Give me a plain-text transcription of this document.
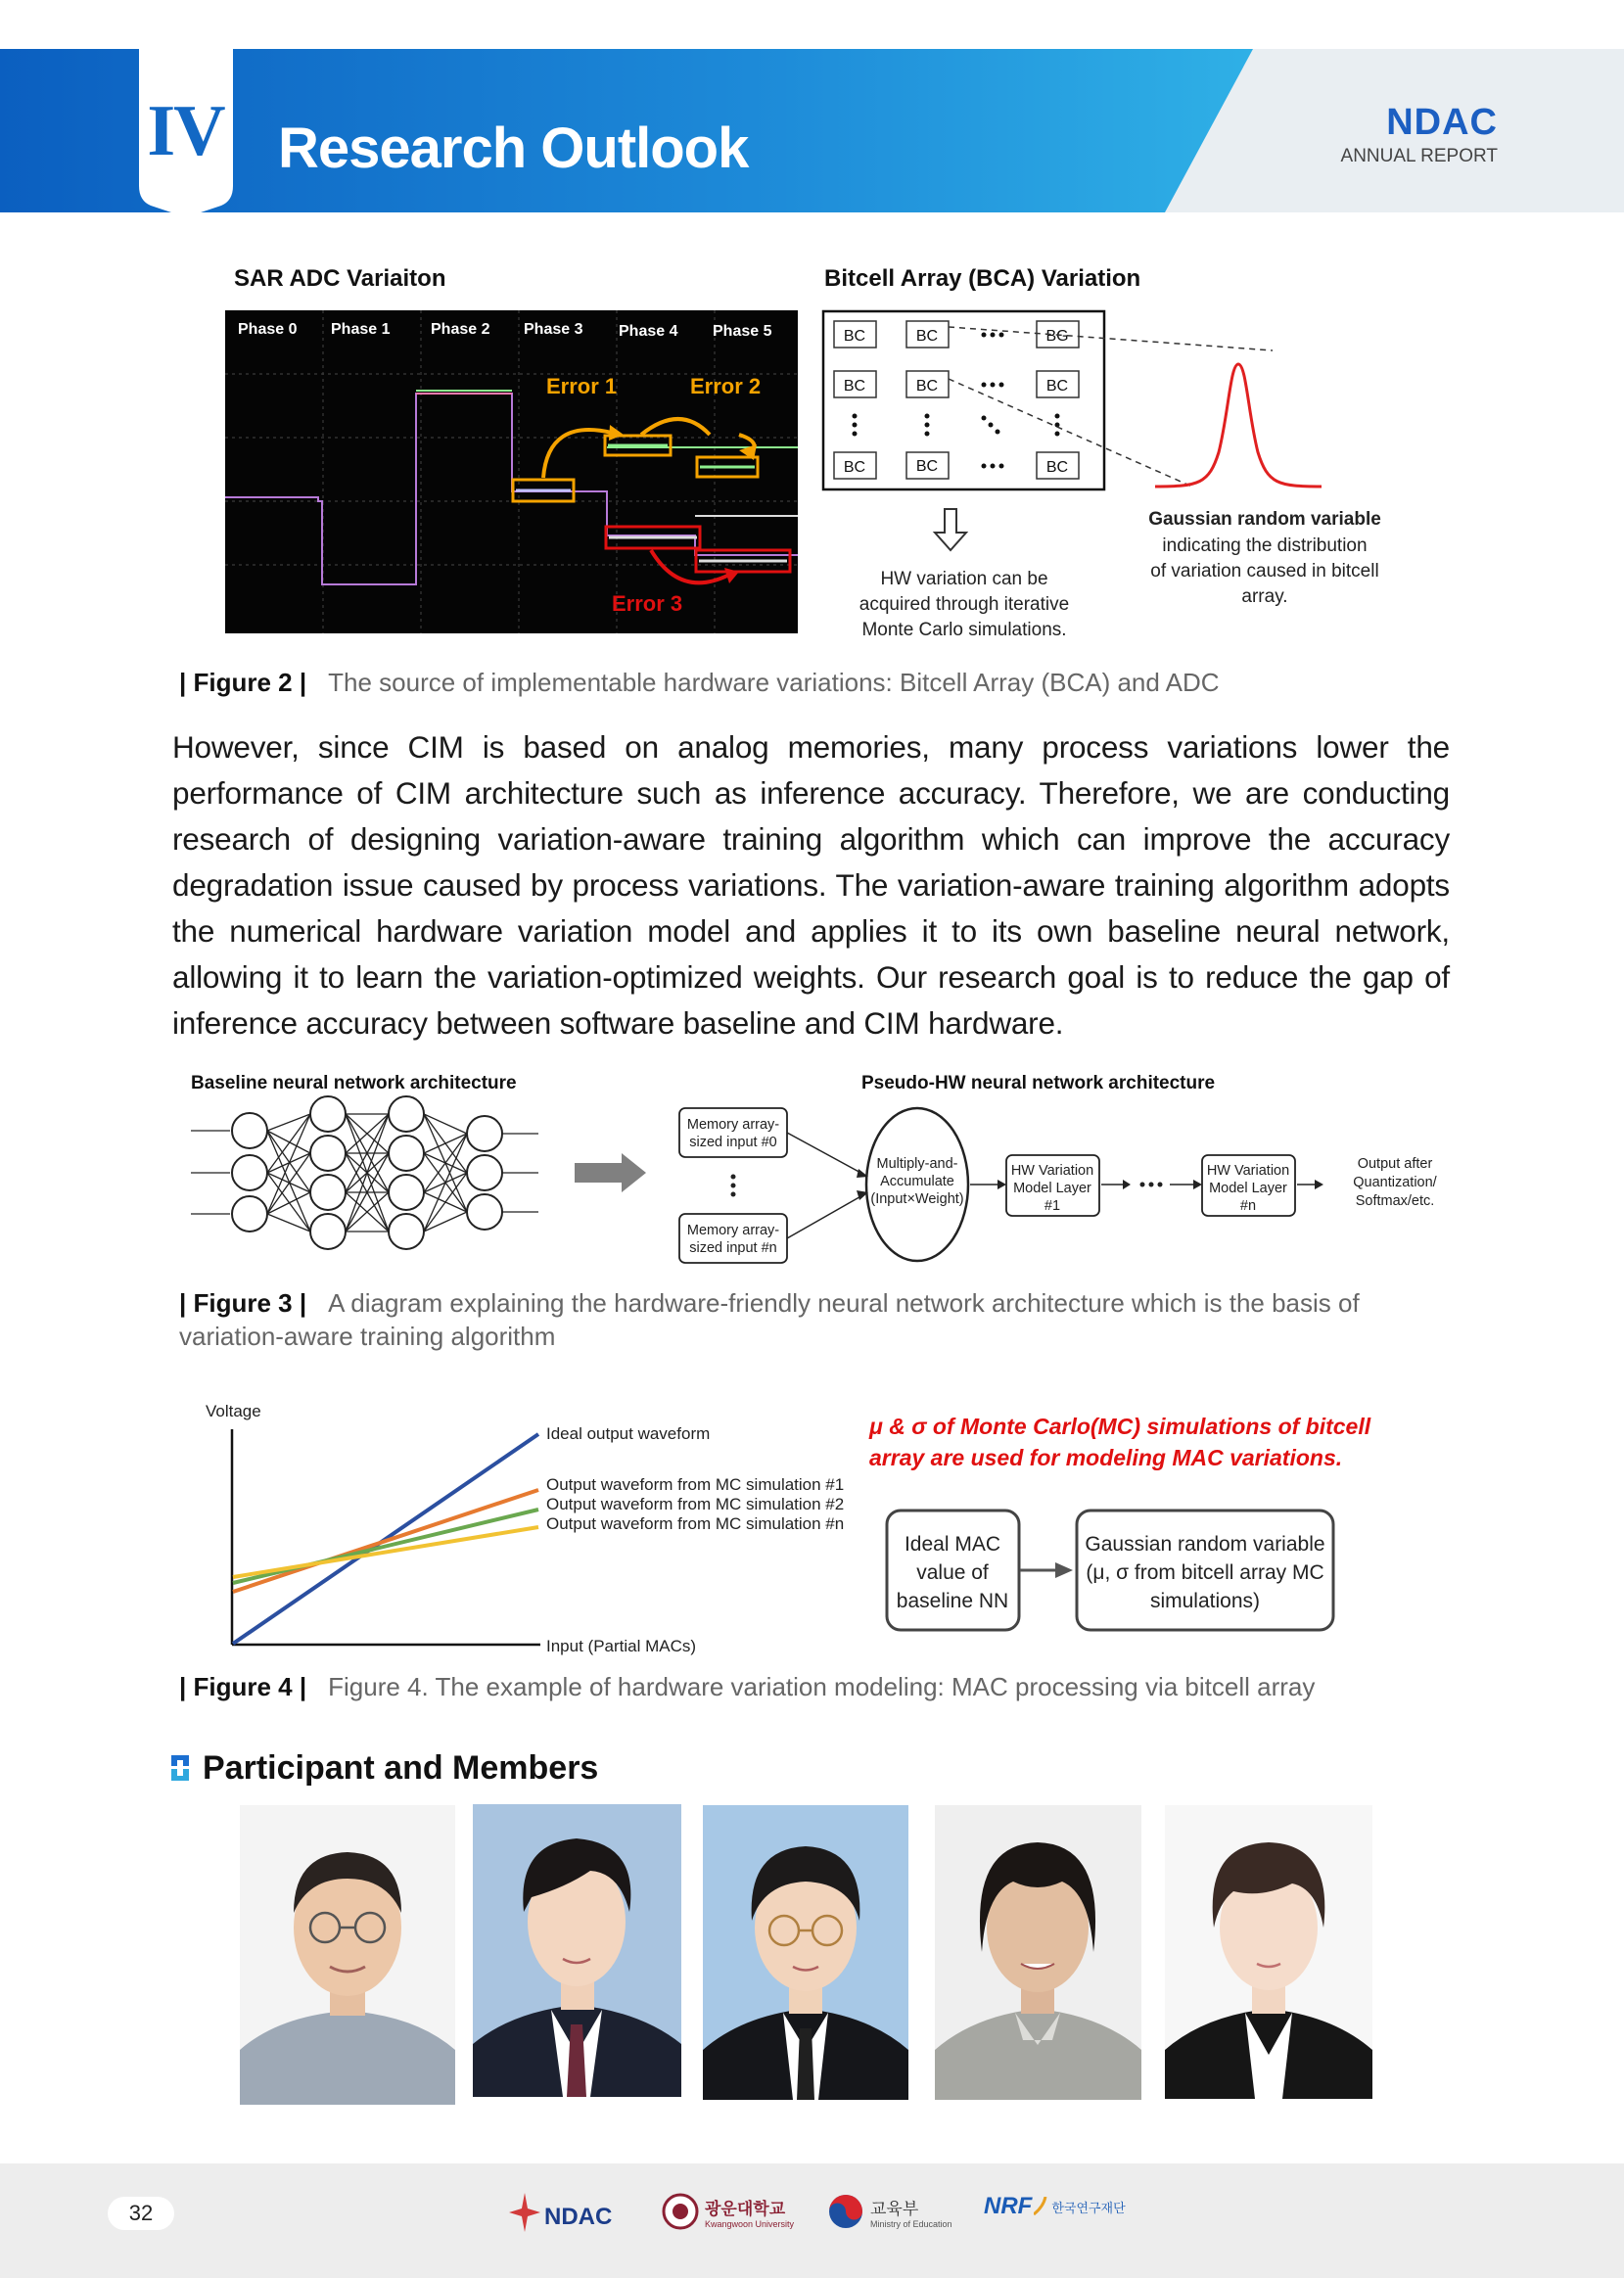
IV Research Outlook	NDAC
ANNUAL REPORT
SAR ADC Variaiton
Phase 0 Phase 1	Phase 2 Phase 3 Phase 4 Phase 5
Error 1	Error 2
Error 3
Bitcell Array (BCA) Variation
BC	BC	BG
BC	BC	BC
BC	BC	BC
HW variation can be
acquired through iterative
Monte Carlo simulations.
Gaussian random variable
indicating the distribution
of variation caused in bitcell
array.
| Figure 2 | The source of implementable hardware variations: Bitcell Array (BCA) and ADC
However, since CIM is based on analog memories, many process variations lower the performance of CIM architecture such as inference accuracy. Therefore, we are conducting research of designing variation-aware training algorithm which can improve the accuracy degradation issue caused by process variations. The variation-aware training algorithm adopts the numerical hardware variation model and applies it to its own baseline neural network, allowing it to learn the variation-optimized weights. Our research goal is to reduce the gap of inference accuracy between software baseline and CIM hardware.
Baseline neural network architecture	Pseudo-HW neural network architecture
Memory array-
sized input #0
Memory array-
sized input #n
Multiply-and-
Accumulate
(Input×Weight)
HW Variation
Model Layer
#1
HW Variation
Model Layer
#n
Output after
Quantization/
Softmax/etc.
| Figure 3 | A diagram explaining the hardware-friendly neural network architecture which is the basis of
variation-aware training algorithm
Voltage
Ideal output waveform
Output waveform from MC simulation #1
Output waveform from MC simulation #2
Output waveform from MC simulation #n
Input (Partial MACs)
μ & σ of Monte Carlo(MC) simulations of bitcell
array are used for modeling MAC variations.
Ideal MAC
value of
baseline NN
Gaussian random variable
(μ, σ from bitcell array MC
simulations)
| Figure 4 | Figure 4. The example of hardware variation modeling: MAC processing via bitcell array
Participant and Members
32	NDAC	광운대학교
Kwangwoon University
교육부
Ministry of Education
NRF 한국연구재단
